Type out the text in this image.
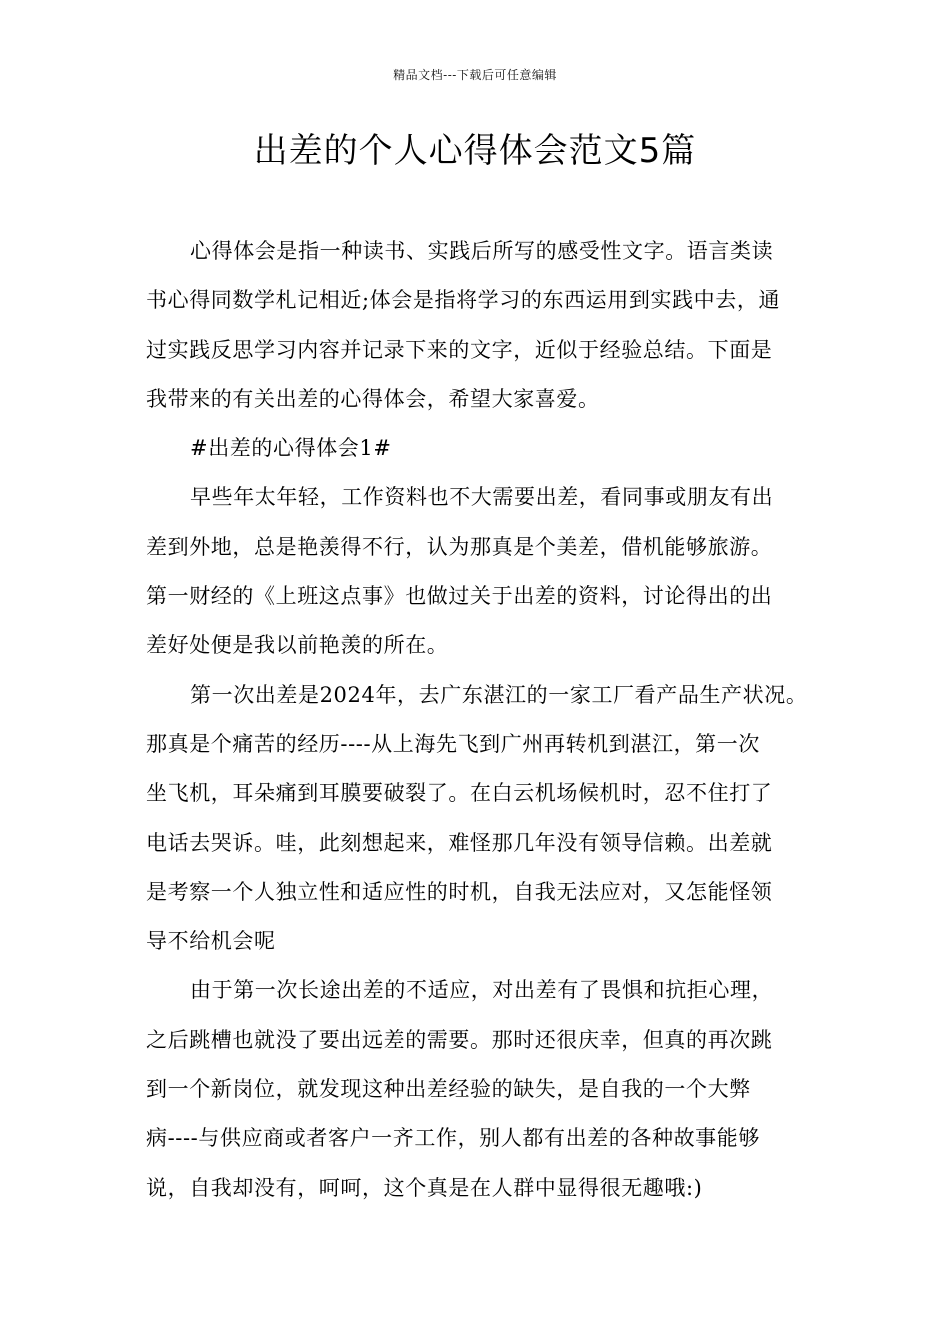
精品文档---下载后可任意编辑
出差的个人心得体会范文5篇
心得体会是指一种读书、实践后所写的感受性文字。语言类读
书心得同数学札记相近;体会是指将学习的东西运用到实践中去，通
过实践反思学习内容并记录下来的文字，近似于经验总结。下面是
我带来的有关出差的心得体会，希望大家喜爱。
#出差的心得体会1#
早些年太年轻，工作资料也不大需要出差，看同事或朋友有出
差到外地，总是艳羡得不行，认为那真是个美差，借机能够旅游。
第一财经的《上班这点事》也做过关于出差的资料，讨论得出的出
差好处便是我以前艳羡的所在。
第一次出差是2024年，去广东湛江的一家工厂看产品生产状况。
那真是个痛苦的经历----从上海先飞到广州再转机到湛江，第一次
坐飞机，耳朵痛到耳膜要破裂了。在白云机场候机时，忍不住打了
电话去哭诉。哇，此刻想起来，难怪那几年没有领导信赖。出差就
是考察一个人独立性和适应性的时机，自我无法应对，又怎能怪领
导不给机会呢
由于第一次长途出差的不适应，对出差有了畏惧和抗拒心理，
之后跳槽也就没了要出远差的需要。那时还很庆幸，但真的再次跳
到一个新岗位，就发现这种出差经验的缺失，是自我的一个大弊
病----与供应商或者客户一齐工作，别人都有出差的各种故事能够
说，自我却没有，呵呵，这个真是在人群中显得很无趣哦:)
